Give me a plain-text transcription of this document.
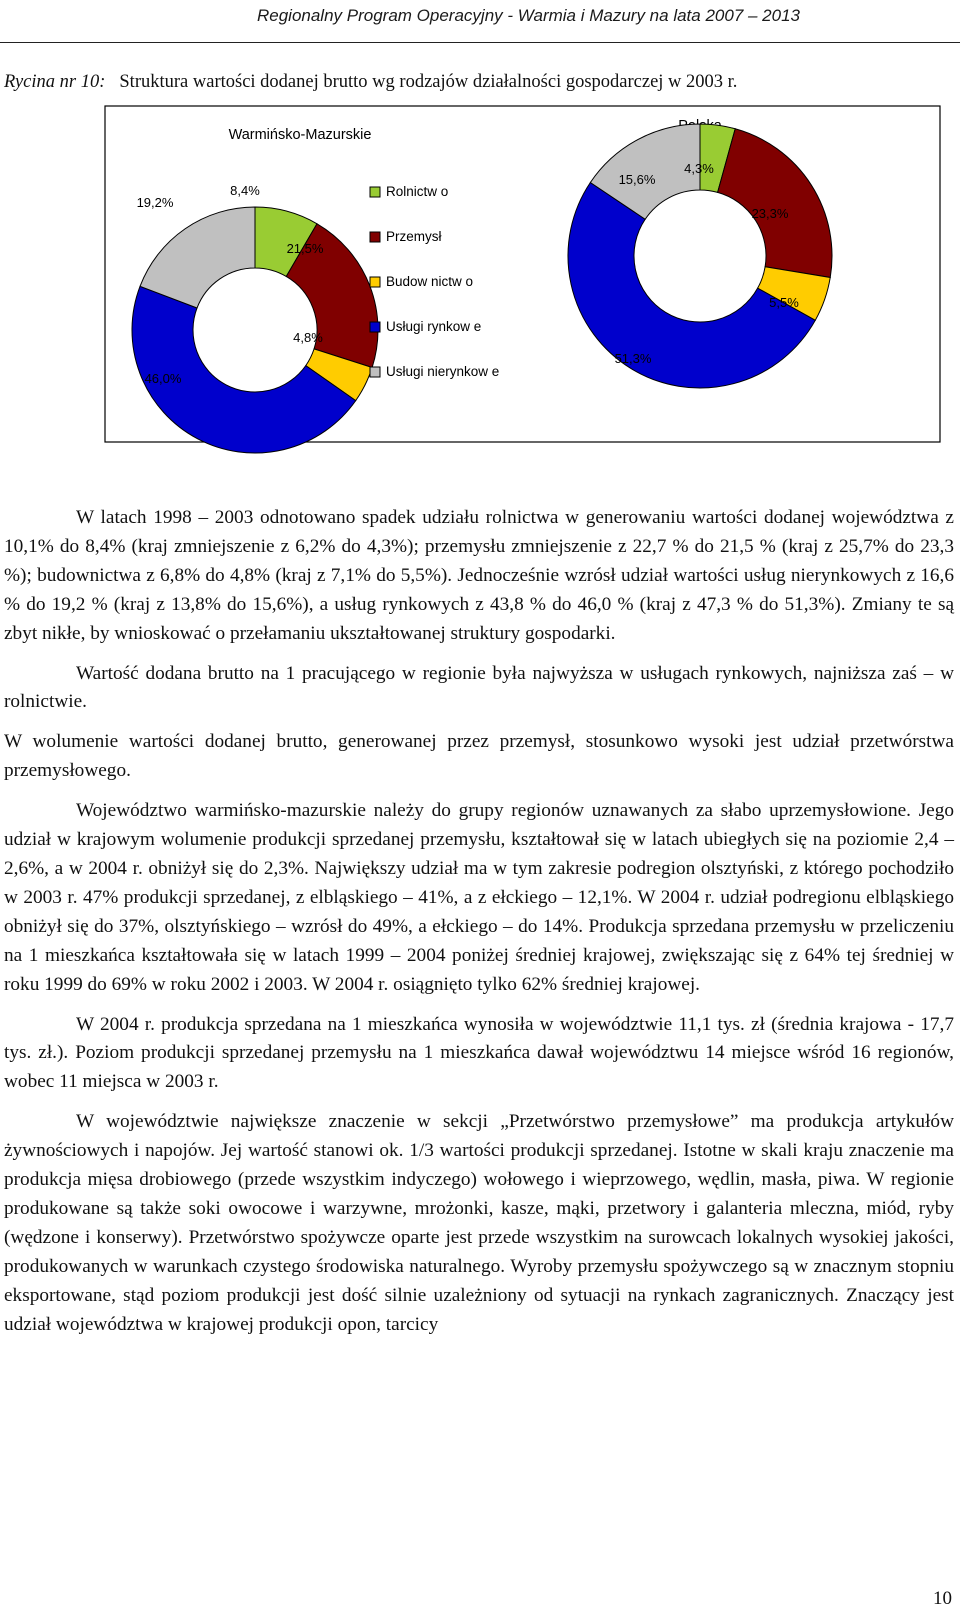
Regionalny Program Operacyjny - Warmia i Mazury na lata 2007 – 2013
Rycina nr 10: Struktura wartości dodanej brutto wg rodzajów działalności gospodarczej w 2003 r.
Warmińsko-Mazurskie
8,4%
21,5%
4,8%
46,0%
19,2%
4,3%
23,3%
5,5%
51,3%
15,6%
Rolnictw o
Przemysł
Budow nictw o
Usługi rynkow e
Usługi nierynkow e

W latach 1998 – 2003 odnotowano spadek udziału rolnictwa w generowaniu wartości dodanej województwa z 10,1% do 8,4% (kraj zmniejszenie z 6,2% do 4,3%); przemysłu zmniejszenie z 22,7 % do 21,5 % (kraj z 25,7% do 23,3 %); budownictwa z 6,8% do 4,8% (kraj z 7,1% do 5,5%). Jednocześnie wzrósł udział wartości usług nierynkowych z 16,6 % do 19,2 % (kraj z 13,8% do 15,6%), a usług rynkowych z 43,8 % do 46,0 % (kraj z 47,3 % do 51,3%). Zmiany te są zbyt nikłe, by wnioskować o przełamaniu ukształtowanej struktury gospodarki.

Wartość dodana brutto na 1 pracującego w regionie była najwyższa w usługach rynkowych, najniższa zaś – w rolnictwie.

W wolumenie wartości dodanej brutto, generowanej przez przemysł, stosunkowo wysoki jest udział przetwórstwa przemysłowego.

Województwo warmińsko-mazurskie należy do grupy regionów uznawanych za słabo uprzemysłowione. Jego udział w krajowym wolumenie produkcji sprzedanej przemysłu, kształtował się w latach ubiegłych się na poziomie 2,4 – 2,6%, a w 2004 r. obniżył się do 2,3%. Największy udział ma w tym zakresie podregion olsztyński, z którego pochodziło w 2003 r. 47% produkcji sprzedanej, z elbląskiego – 41%, a z ełckiego – 12,1%. W 2004 r. udział podregionu elbląskiego obniżył się do 37%, olsztyńskiego – wzrósł do 49%, a ełckiego – do 14%. Produkcja sprzedana przemysłu w przeliczeniu na 1 mieszkańca kształtowała się w latach 1999 – 2004 poniżej średniej krajowej, zwiększając się z 64% tej średniej w roku 1999 do 69% w roku 2002 i 2003. W 2004 r. osiągnięto tylko 62% średniej krajowej.

W 2004 r. produkcja sprzedana na 1 mieszkańca wynosiła w województwie 11,1 tys. zł (średnia krajowa - 17,7 tys. zł.). Poziom produkcji sprzedanej przemysłu na 1 mieszkańca dawał województwu 14 miejsce wśród 16 regionów, wobec 11 miejsca w 2003 r.

W województwie największe znaczenie w sekcji „Przetwórstwo przemysłowe” ma produkcja artykułów żywnościowych i napojów. Jej wartość stanowi ok. 1/3 wartości produkcji sprzedanej. Istotne w skali kraju znaczenie ma produkcja mięsa drobiowego (przede wszystkim indyczego) wołowego i wieprzowego, wędlin, masła, piwa. W regionie produkowane są także soki owocowe i warzywne, mrożonki, kasze, mąki, przetwory i galanteria mleczna, miód, ryby (wędzone i konserwy). Przetwórstwo spożywcze oparte jest przede wszystkim na surowcach lokalnych wysokiej jakości, produkowanych w warunkach czystego środowiska naturalnego. Wyroby przemysłu spożywczego są w znacznym stopniu eksportowane, stąd poziom produkcji jest dość silnie uzależniony od sytuacji na rynkach zagranicznych. Znaczący jest udział województwa w krajowej produkcji opon, tarcicy

10
